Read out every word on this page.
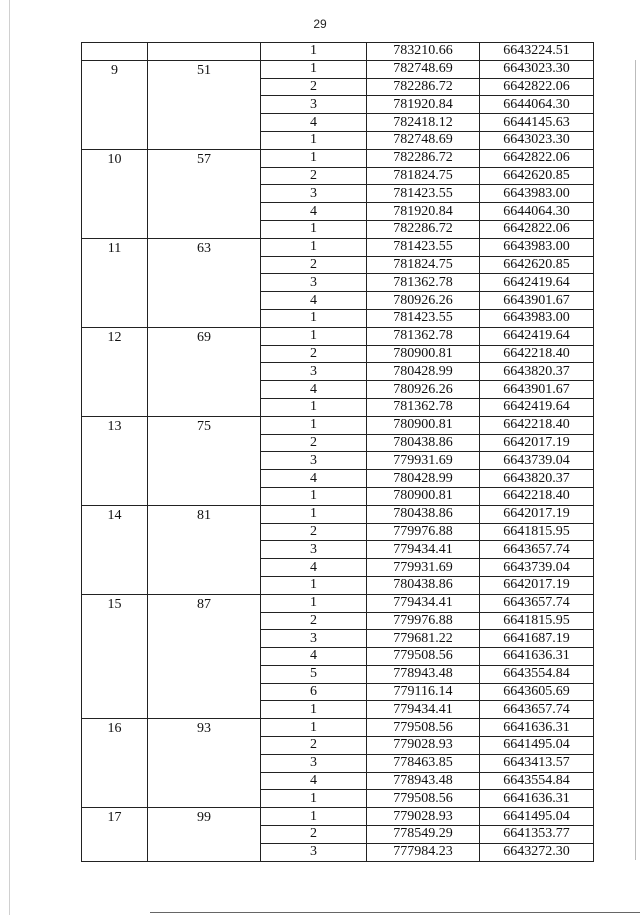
29
		1	783210.66	6643224.51
9	51	1	782748.69	6643023.30
		2	782286.72	6642822.06
		3	781920.84	6644064.30
		4	782418.12	6644145.63
		1	782748.69	6643023.30
10	57	1	782286.72	6642822.06
		2	781824.75	6642620.85
		3	781423.55	6643983.00
		4	781920.84	6644064.30
		1	782286.72	6642822.06
11	63	1	781423.55	6643983.00
		2	781824.75	6642620.85
		3	781362.78	6642419.64
		4	780926.26	6643901.67
		1	781423.55	6643983.00
12	69	1	781362.78	6642419.64
		2	780900.81	6642218.40
		3	780428.99	6643820.37
		4	780926.26	6643901.67
		1	781362.78	6642419.64
13	75	1	780900.81	6642218.40
		2	780438.86	6642017.19
		3	779931.69	6643739.04
		4	780428.99	6643820.37
		1	780900.81	6642218.40
14	81	1	780438.86	6642017.19
		2	779976.88	6641815.95
		3	779434.41	6643657.74
		4	779931.69	6643739.04
		1	780438.86	6642017.19
15	87	1	779434.41	6643657.74
		2	779976.88	6641815.95
		3	779681.22	6641687.19
		4	779508.56	6641636.31
		5	778943.48	6643554.84
		6	779116.14	6643605.69
		1	779434.41	6643657.74
16	93	1	779508.56	6641636.31
		2	779028.93	6641495.04
		3	778463.85	6643413.57
		4	778943.48	6643554.84
		1	779508.56	6641636.31
17	99	1	779028.93	6641495.04
		2	778549.29	6641353.77
		3	777984.23	6643272.30
